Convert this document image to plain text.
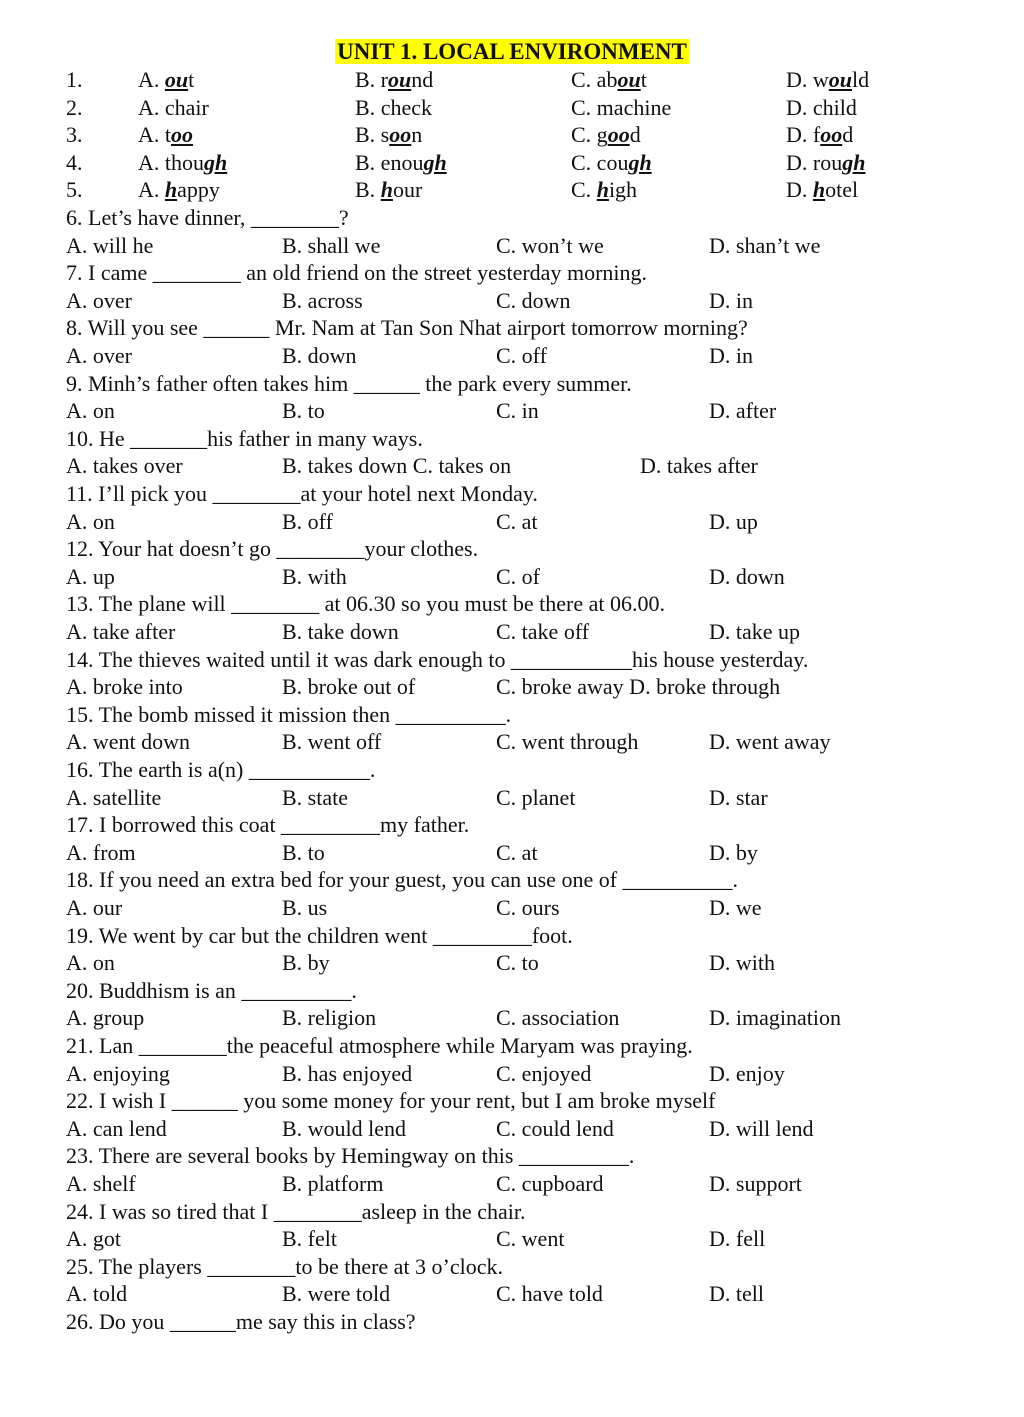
UNIT 1. LOCAL ENVIRONMENT
1.	A. out	B. round	C. about	D. would
2.	A. chair	B. check	C. machine	D. child
3.	A. too	B. soon	C. good	D. food
4.	A. though	B. enough	C. cough	D. rough
5.	A. happy	B. hour	C. high	D. hotel
6. Let’s have dinner, ________?
A. will he	B. shall we	C. won’t we	D. shan’t we
7. I came ________ an old friend on the street yesterday morning.
A. over	B. across	C. down	D. in
8. Will you see ______ Mr. Nam at Tan Son Nhat airport tomorrow morning?
A. over	B. down	C. off	D. in
9. Minh’s father often takes him ______ the park every summer.
A. on	B. to	C. in	D. after
10. He _______his father in many ways.
A. takes over	B. takes down C. takes on	D. takes after
11. I’ll pick you ________at your hotel next Monday.
A. on	B. off	C. at	D. up
12. Your hat doesn’t go ________your clothes.
A. up	B. with	C. of	D. down
13. The plane will ________ at 06.30 so you must be there at 06.00.
A. take after	B. take down	C. take off	D. take up
14. The thieves waited until it was dark enough to ___________his house yesterday.
A. broke into	B. broke out of	C. broke away D. broke through
15. The bomb missed it mission then __________.
A. went down	B. went off	C. went through	D. went away
16. The earth is a(n) ___________.
A. satellite	B. state	C. planet	D. star
17. I borrowed this coat _________my father.
A. from	B. to	C. at	D. by
18. If you need an extra bed for your guest, you can use one of __________.
A. our	B. us	C. ours	D. we
19. We went by car but the children went _________foot.
A. on	B. by	C. to	D. with
20. Buddhism is an __________.
A. group	B. religion	C. association	D. imagination
21. Lan ________the peaceful atmosphere while Maryam was praying.
A. enjoying	B. has enjoyed	C. enjoyed	D. enjoy
22. I wish I ______ you some money for your rent, but I am broke myself
A. can lend	B. would lend	C. could lend	D. will lend
23. There are several books by Hemingway on this __________.
A. shelf	B. platform	C. cupboard	D. support
24. I was so tired that I ________asleep in the chair.
A. got	B. felt	C. went	D. fell
25. The players ________to be there at 3 o’clock.
A. told	B. were told	C. have told	D. tell
26. Do you ______me say this in class?
